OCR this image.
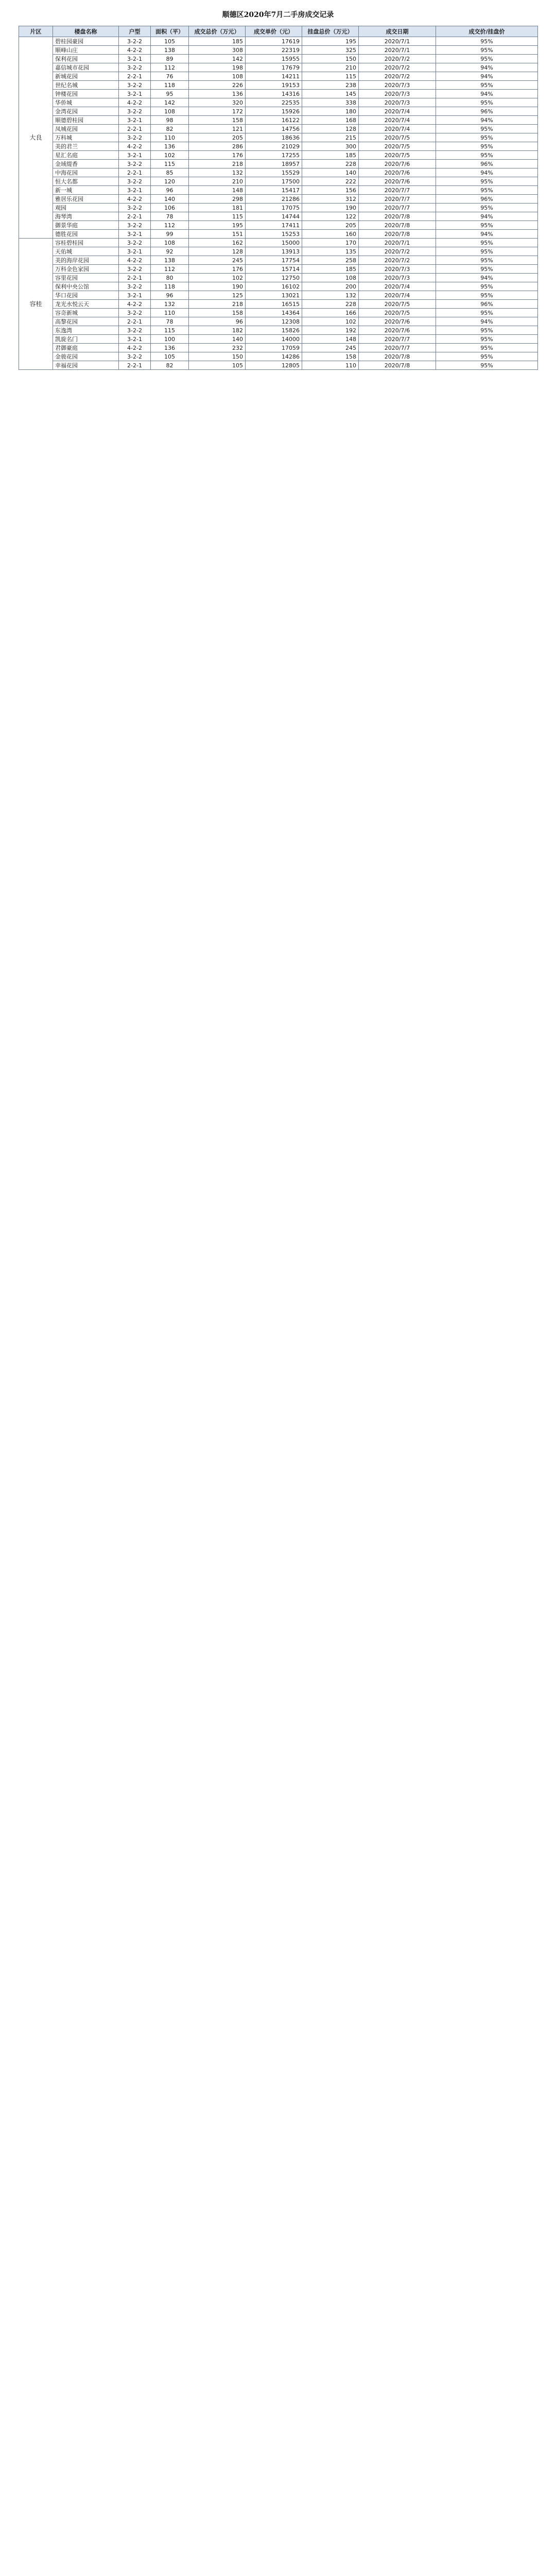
顺德区2020年7月二手房成交记录
片区	楼盘名称	户型	面积（平）	成交总价（万元）	成交单价（元）	挂盘总价（万元）	成交日期	成交价/挂盘价
大良	碧桂园豪园	3-2-2	105	185	17619	195	2020/7/1	95%
	顺峰山庄	4-2-2	138	308	22319	325	2020/7/1	95%
	保利花园	3-2-1	89	142	15955	150	2020/7/2	95%
	嘉信城市花园	3-2-2	112	198	17679	210	2020/7/2	94%
	新城花园	2-2-1	76	108	14211	115	2020/7/2	94%
	世纪名城	3-2-2	118	226	19153	238	2020/7/3	95%
	钟楼花园	3-2-1	95	136	14316	145	2020/7/3	94%
	华侨城	4-2-2	142	320	22535	338	2020/7/3	95%
	金湾花园	3-2-2	108	172	15926	180	2020/7/4	96%
	顺德碧桂园	3-2-1	98	158	16122	168	2020/7/4	94%
	凤城花园	2-2-1	82	121	14756	128	2020/7/4	95%
	万科城	3-2-2	110	205	18636	215	2020/7/5	95%
	美的君兰	4-2-2	136	286	21029	300	2020/7/5	95%
	星汇名庭	3-2-1	102	176	17255	185	2020/7/5	95%
	金域缇香	3-2-2	115	218	18957	228	2020/7/6	96%
	中海花园	2-2-1	85	132	15529	140	2020/7/6	94%
	恒大名都	3-2-2	120	210	17500	222	2020/7/6	95%
	新一城	3-2-1	96	148	15417	156	2020/7/7	95%
	雅居乐花园	4-2-2	140	298	21286	312	2020/7/7	96%
	观园	3-2-2	106	181	17075	190	2020/7/7	95%
	海琴湾	2-2-1	78	115	14744	122	2020/7/8	94%
	御景华庭	3-2-2	112	195	17411	205	2020/7/8	95%
	德胜花园	3-2-1	99	151	15253	160	2020/7/8	94%
容桂	容桂碧桂园	3-2-2	108	162	15000	170	2020/7/1	95%
	天佑城	3-2-1	92	128	13913	135	2020/7/2	95%
	美的海岸花园	4-2-2	138	245	17754	258	2020/7/2	95%
	万科金色家园	3-2-2	112	176	15714	185	2020/7/3	95%
	容里花园	2-2-1	80	102	12750	108	2020/7/3	94%
	保利中央公馆	3-2-2	118	190	16102	200	2020/7/4	95%
	华口花园	3-2-1	96	125	13021	132	2020/7/4	95%
	龙光水悦云天	4-2-2	132	218	16515	228	2020/7/5	96%
	容奇新城	3-2-2	110	158	14364	166	2020/7/5	95%
	高黎花园	2-2-1	78	96	12308	102	2020/7/6	94%
	东逸湾	3-2-2	115	182	15826	192	2020/7/6	95%
	凯旋名门	3-2-1	100	140	14000	148	2020/7/7	95%
	君御豪庭	4-2-2	136	232	17059	245	2020/7/7	95%
	金骏花园	3-2-2	105	150	14286	158	2020/7/8	95%
	幸福花园	2-2-1	82	105	12805	110	2020/7/8	95%
